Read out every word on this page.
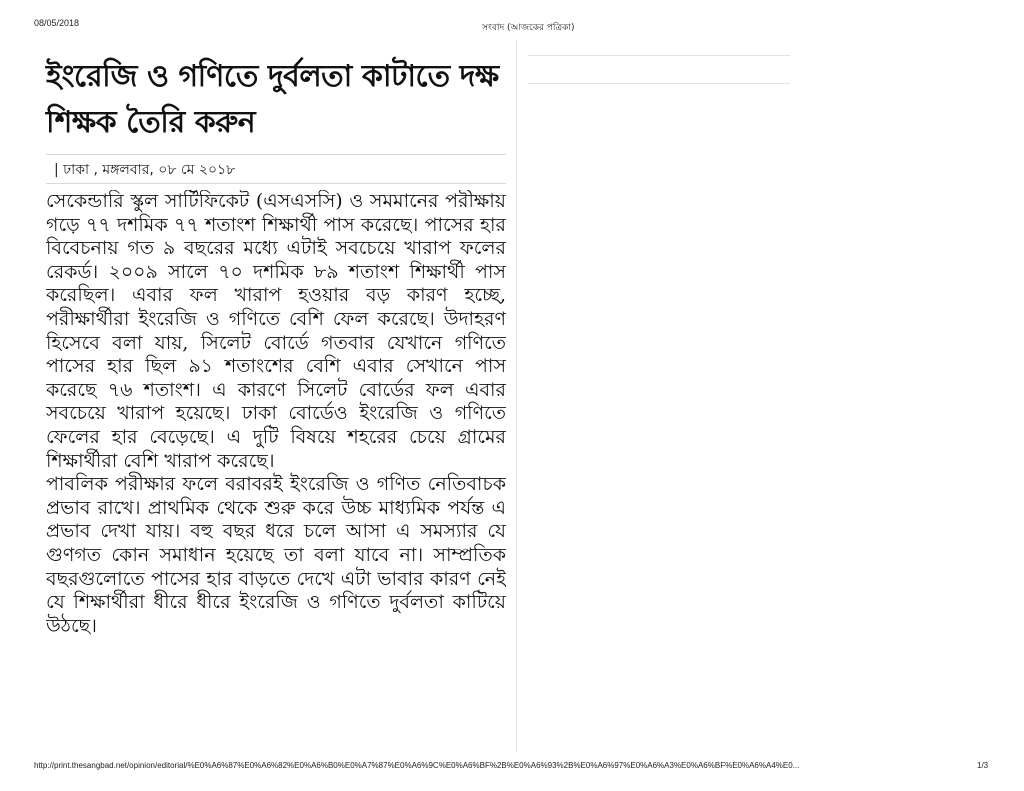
08/05/2018	সংবাদ (আজকের পত্রিকা)
ইংরেজি ও গণিতে দুর্বলতা কাটাতে দক্ষ শিক্ষক তৈরি করুন
| ঢাকা , মঙ্গলবার, ০৮ মে ২০১৮

সেকেন্ডারি স্কুল সার্টিফিকেট (এসএসসি) ও সমমানের পরীক্ষায় গড়ে ৭৭ দশমিক ৭৭ শতাংশ শিক্ষার্থী পাস করেছে। পাসের হার বিবেচনায় গত ৯ বছরের মধ্যে এটাই সবচেয়ে খারাপ ফলের রেকর্ড। ২০০৯ সালে ৭০ দশমিক ৮৯ শতাংশ শিক্ষার্থী পাস করেছিল। এবার ফল খারাপ হওয়ার বড় কারণ হচ্ছে, পরীক্ষার্থীরা ইংরেজি ও গণিতে বেশি ফেল করেছে। উদাহরণ হিসেবে বলা যায়, সিলেট বোর্ডে গতবার যেখানে গণিতে পাসের হার ছিল ৯১ শতাংশের বেশি এবার সেখানে পাস করেছে ৭৬ শতাংশ। এ কারণে সিলেট বোর্ডের ফল এবার সবচেয়ে খারাপ হয়েছে। ঢাকা বোর্ডেও ইংরেজি ও গণিতে ফেলের হার বেড়েছে। এ দুটি বিষয়ে শহরের চেয়ে গ্রামের শিক্ষার্থীরা বেশি খারাপ করেছে।

পাবলিক পরীক্ষার ফলে বরাবরই ইংরেজি ও গণিত নেতিবাচক প্রভাব রাখে। প্রাথমিক থেকে শুরু করে উচ্চ মাধ্যমিক পর্যন্ত এ প্রভাব দেখা যায়। বহু বছর ধরে চলে আসা এ সমস্যার যে গুণগত কোন সমাধান হয়েছে তা বলা যাবে না। সাম্প্রতিক বছরগুলোতে পাসের হার বাড়তে দেখে এটা ভাবার কারণ নেই যে শিক্ষার্থীরা ধীরে ধীরে ইংরেজি ও গণিতে দুর্বলতা কাটিয়ে উঠছে।

http://print.thesangbad.net/opinion/editorial/%E0%A6%87%E0%A6%82%E0%A6%B0%E0%A7%87%E0%A6%9C%E0%A6%BF%2B%E0%A6%93%2B%E0%A6%97%E0%A6%A3%E0%A6%BF%E0%A6%A4%E0...	1/3
